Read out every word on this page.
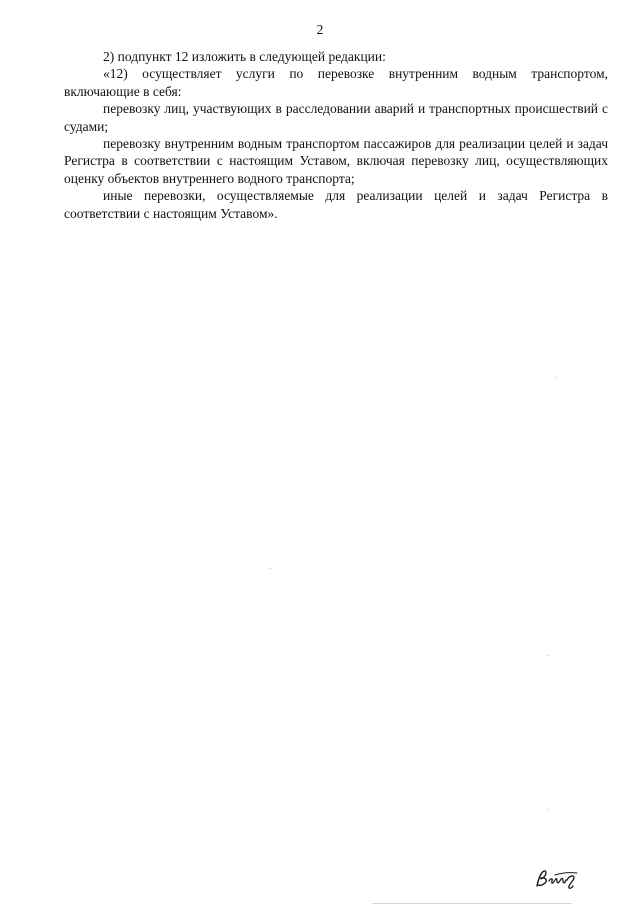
2

2) подпункт 12 изложить в следующей редакции:

«12) осуществляет услуги по перевозке внутренним водным транспортом, включающие в себя:

перевозку лиц, участвующих в расследовании аварий и транспортных происшествий с судами;

перевозку внутренним водным транспортом пассажиров для реализации целей и задач Регистра в соответствии с настоящим Уставом, включая перевозку лиц, осуществляющих оценку объектов внутреннего водного транспорта;

иные перевозки, осуществляемые для реализации целей и задач Регистра в соответствии с настоящим Уставом».
